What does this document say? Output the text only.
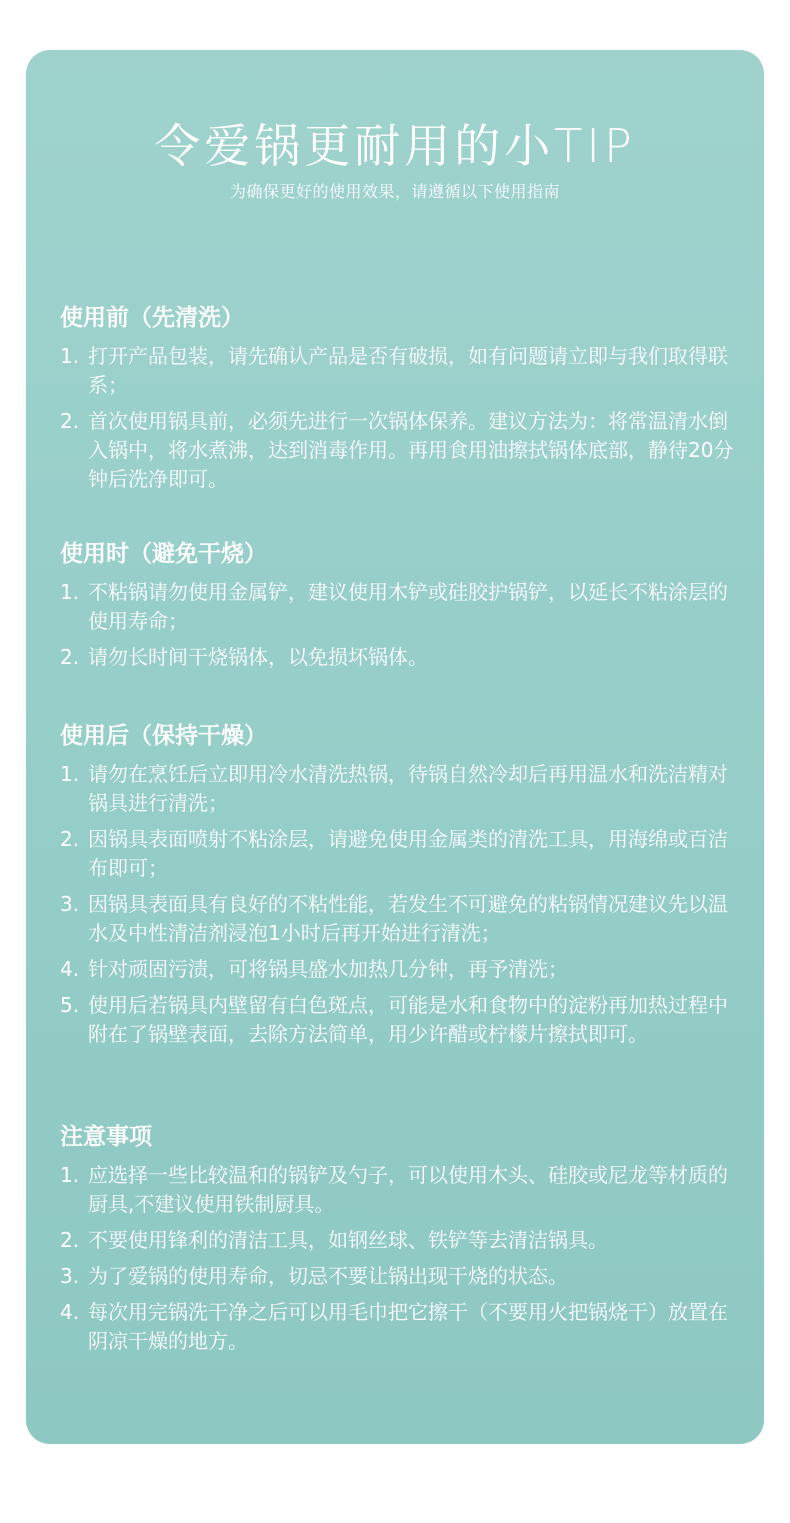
令爱锅更耐用的小TIP
为确保更好的使用效果，请遵循以下使用指南
使用前（先清洗）
1. 打开产品包装，请先确认产品是否有破损，如有问题请立即与我们取得联系；
2. 首次使用锅具前，必须先进行一次锅体保养。建议方法为：将常温清水倒入锅中，将水煮沸，达到消毒作用。再用食用油擦拭锅体底部，静待20分钟后洗净即可。
使用时（避免干烧）
1. 不粘锅请勿使用金属铲，建议使用木铲或硅胶护锅铲，以延长不粘涂层的使用寿命；
2. 请勿长时间干烧锅体，以免损坏锅体。
使用后（保持干燥）
1. 请勿在烹饪后立即用冷水清洗热锅，待锅自然冷却后再用温水和洗洁精对锅具进行清洗；
2. 因锅具表面喷射不粘涂层，请避免使用金属类的清洗工具，用海绵或百洁布即可；
3. 因锅具表面具有良好的不粘性能，若发生不可避免的粘锅情况建议先以温水及中性清洁剂浸泡1小时后再开始进行清洗；
4. 针对顽固污渍，可将锅具盛水加热几分钟，再予清洗；
5. 使用后若锅具内壁留有白色斑点，可能是水和食物中的淀粉再加热过程中附在了锅壁表面，去除方法简单，用少许醋或柠檬片擦拭即可。
注意事项
1. 应选择一些比较温和的锅铲及勺子，可以使用木头、硅胶或尼龙等材质的厨具,不建议使用铁制厨具。
2. 不要使用锋利的清洁工具，如钢丝球、铁铲等去清洁锅具。
3. 为了爱锅的使用寿命，切忌不要让锅出现干烧的状态。
4. 每次用完锅洗干净之后可以用毛巾把它擦干（不要用火把锅烧干）放置在阴凉干燥的地方。
